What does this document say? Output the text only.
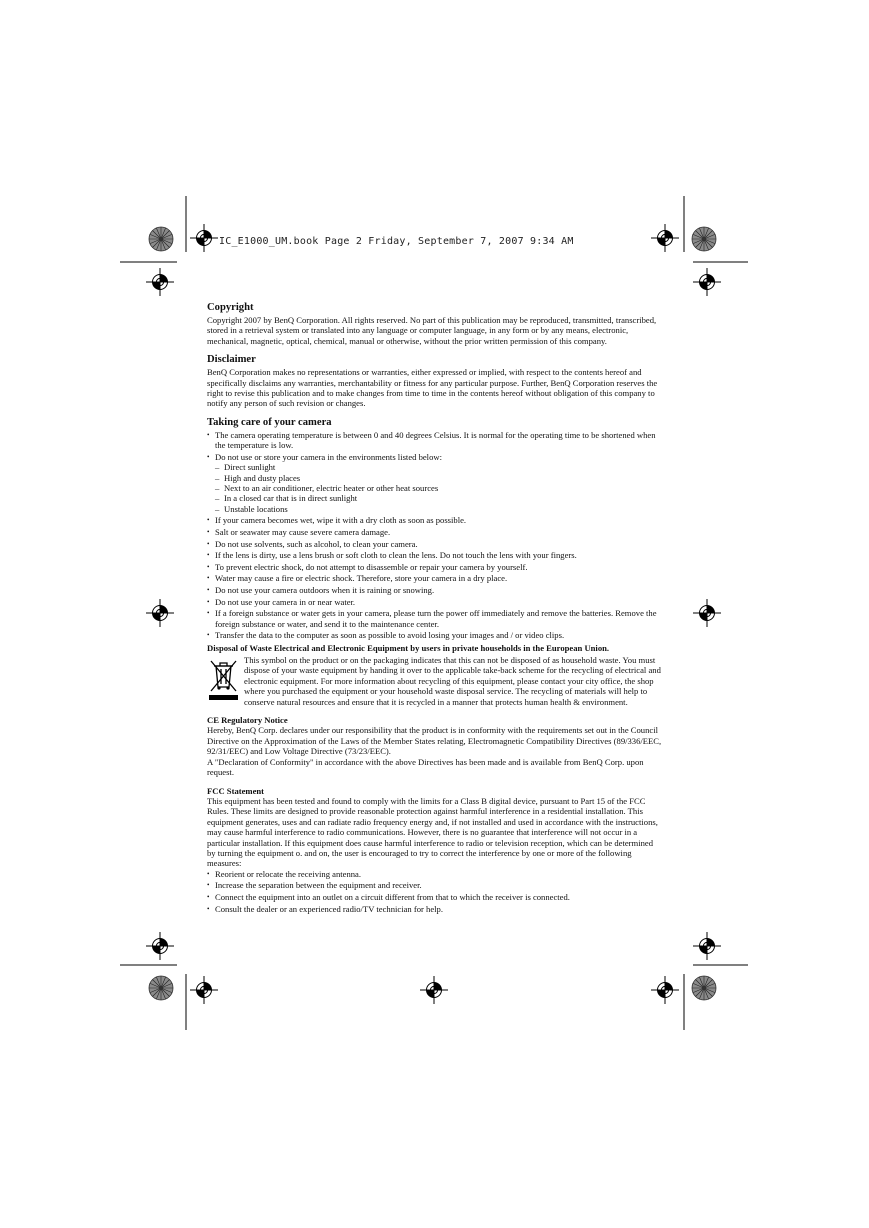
IC_E1000_UM.book Page 2 Friday, September 7, 2007 9:34 AM
Copyright

Copyright 2007 by BenQ Corporation. All rights reserved. No part of this publication may be reproduced, transmitted, transcribed, stored in a retrieval system or translated into any language or computer language, in any form or by any means, electronic, mechanical, magnetic, optical, chemical, manual or otherwise, without the prior written permission of this company.

Disclaimer

BenQ Corporation makes no representations or warranties, either expressed or implied, with respect to the contents hereof and specifically disclaims any warranties, merchantability or fitness for any particular purpose. Further, BenQ Corporation reserves the right to revise this publication and to make changes from time to time in the contents hereof without obligation of this company to notify any person of such revision or changes.

Taking care of your camera
• The camera operating temperature is between 0 and 40 degrees Celsius. It is normal for the operating time to be shortened when the temperature is low.
• Do not use or store your camera in the environments listed below:
– Direct sunlight
– High and dusty places
– Next to an air conditioner, electric heater or other heat sources
– In a closed car that is in direct sunlight
– Unstable locations
• If your camera becomes wet, wipe it with a dry cloth as soon as possible.
• Salt or seawater may cause severe camera damage.
• Do not use solvents, such as alcohol, to clean your camera.
• If the lens is dirty, use a lens brush or soft cloth to clean the lens. Do not touch the lens with your fingers.
• To prevent electric shock, do not attempt to disassemble or repair your camera by yourself.
• Water may cause a fire or electric shock. Therefore, store your camera in a dry place.
• Do not use your camera outdoors when it is raining or snowing.
• Do not use your camera in or near water.
• If a foreign substance or water gets in your camera, please turn the power off immediately and remove the batteries. Remove the foreign substance or water, and send it to the maintenance center.
• Transfer the data to the computer as soon as possible to avoid losing your images and / or video clips.
Disposal of Waste Electrical and Electronic Equipment by users in private households in the European Union.

This symbol on the product or on the packaging indicates that this can not be disposed of as household waste. You must dispose of your waste equipment by handing it over to the applicable take-back scheme for the recycling of electrical and electronic equipment. For more information about recycling of this equipment, please contact your city office, the shop where you purchased the equipment or your household waste disposal service. The recycling of materials will help to conserve natural resources and ensure that it is recycled in a manner that protects human health & environment.

CE Regulatory Notice

Hereby, BenQ Corp. declares under our responsibility that the product is in conformity with the requirements set out in the Council Directive on the Approximation of the Laws of the Member States relating, Electromagnetic Compatibility Directives (89/336/EEC, 92/31/EEC) and Low Voltage Directive (73/23/EEC).

A "Declaration of Conformity" in accordance with the above Directives has been made and is available from BenQ Corp. upon request.

FCC Statement

This equipment has been tested and found to comply with the limits for a Class B digital device, pursuant to Part 15 of the FCC Rules. These limits are designed to provide reasonable protection against harmful interference in a residential installation. This equipment generates, uses and can radiate radio frequency energy and, if not installed and used in accordance with the instructions, may cause harmful interference to radio communications. However, there is no guarantee that interference will not occur in a particular installation. If this equipment does cause harmful interference to radio or television reception, which can be determined by turning the equipment o. and on, the user is encouraged to try to correct the interference by one or more of the following measures:

• Reorient or relocate the receiving antenna.
• Increase the separation between the equipment and receiver.
• Connect the equipment into an outlet on a circuit different from that to which the receiver is connected.
• Consult the dealer or an experienced radio/TV technician for help.
